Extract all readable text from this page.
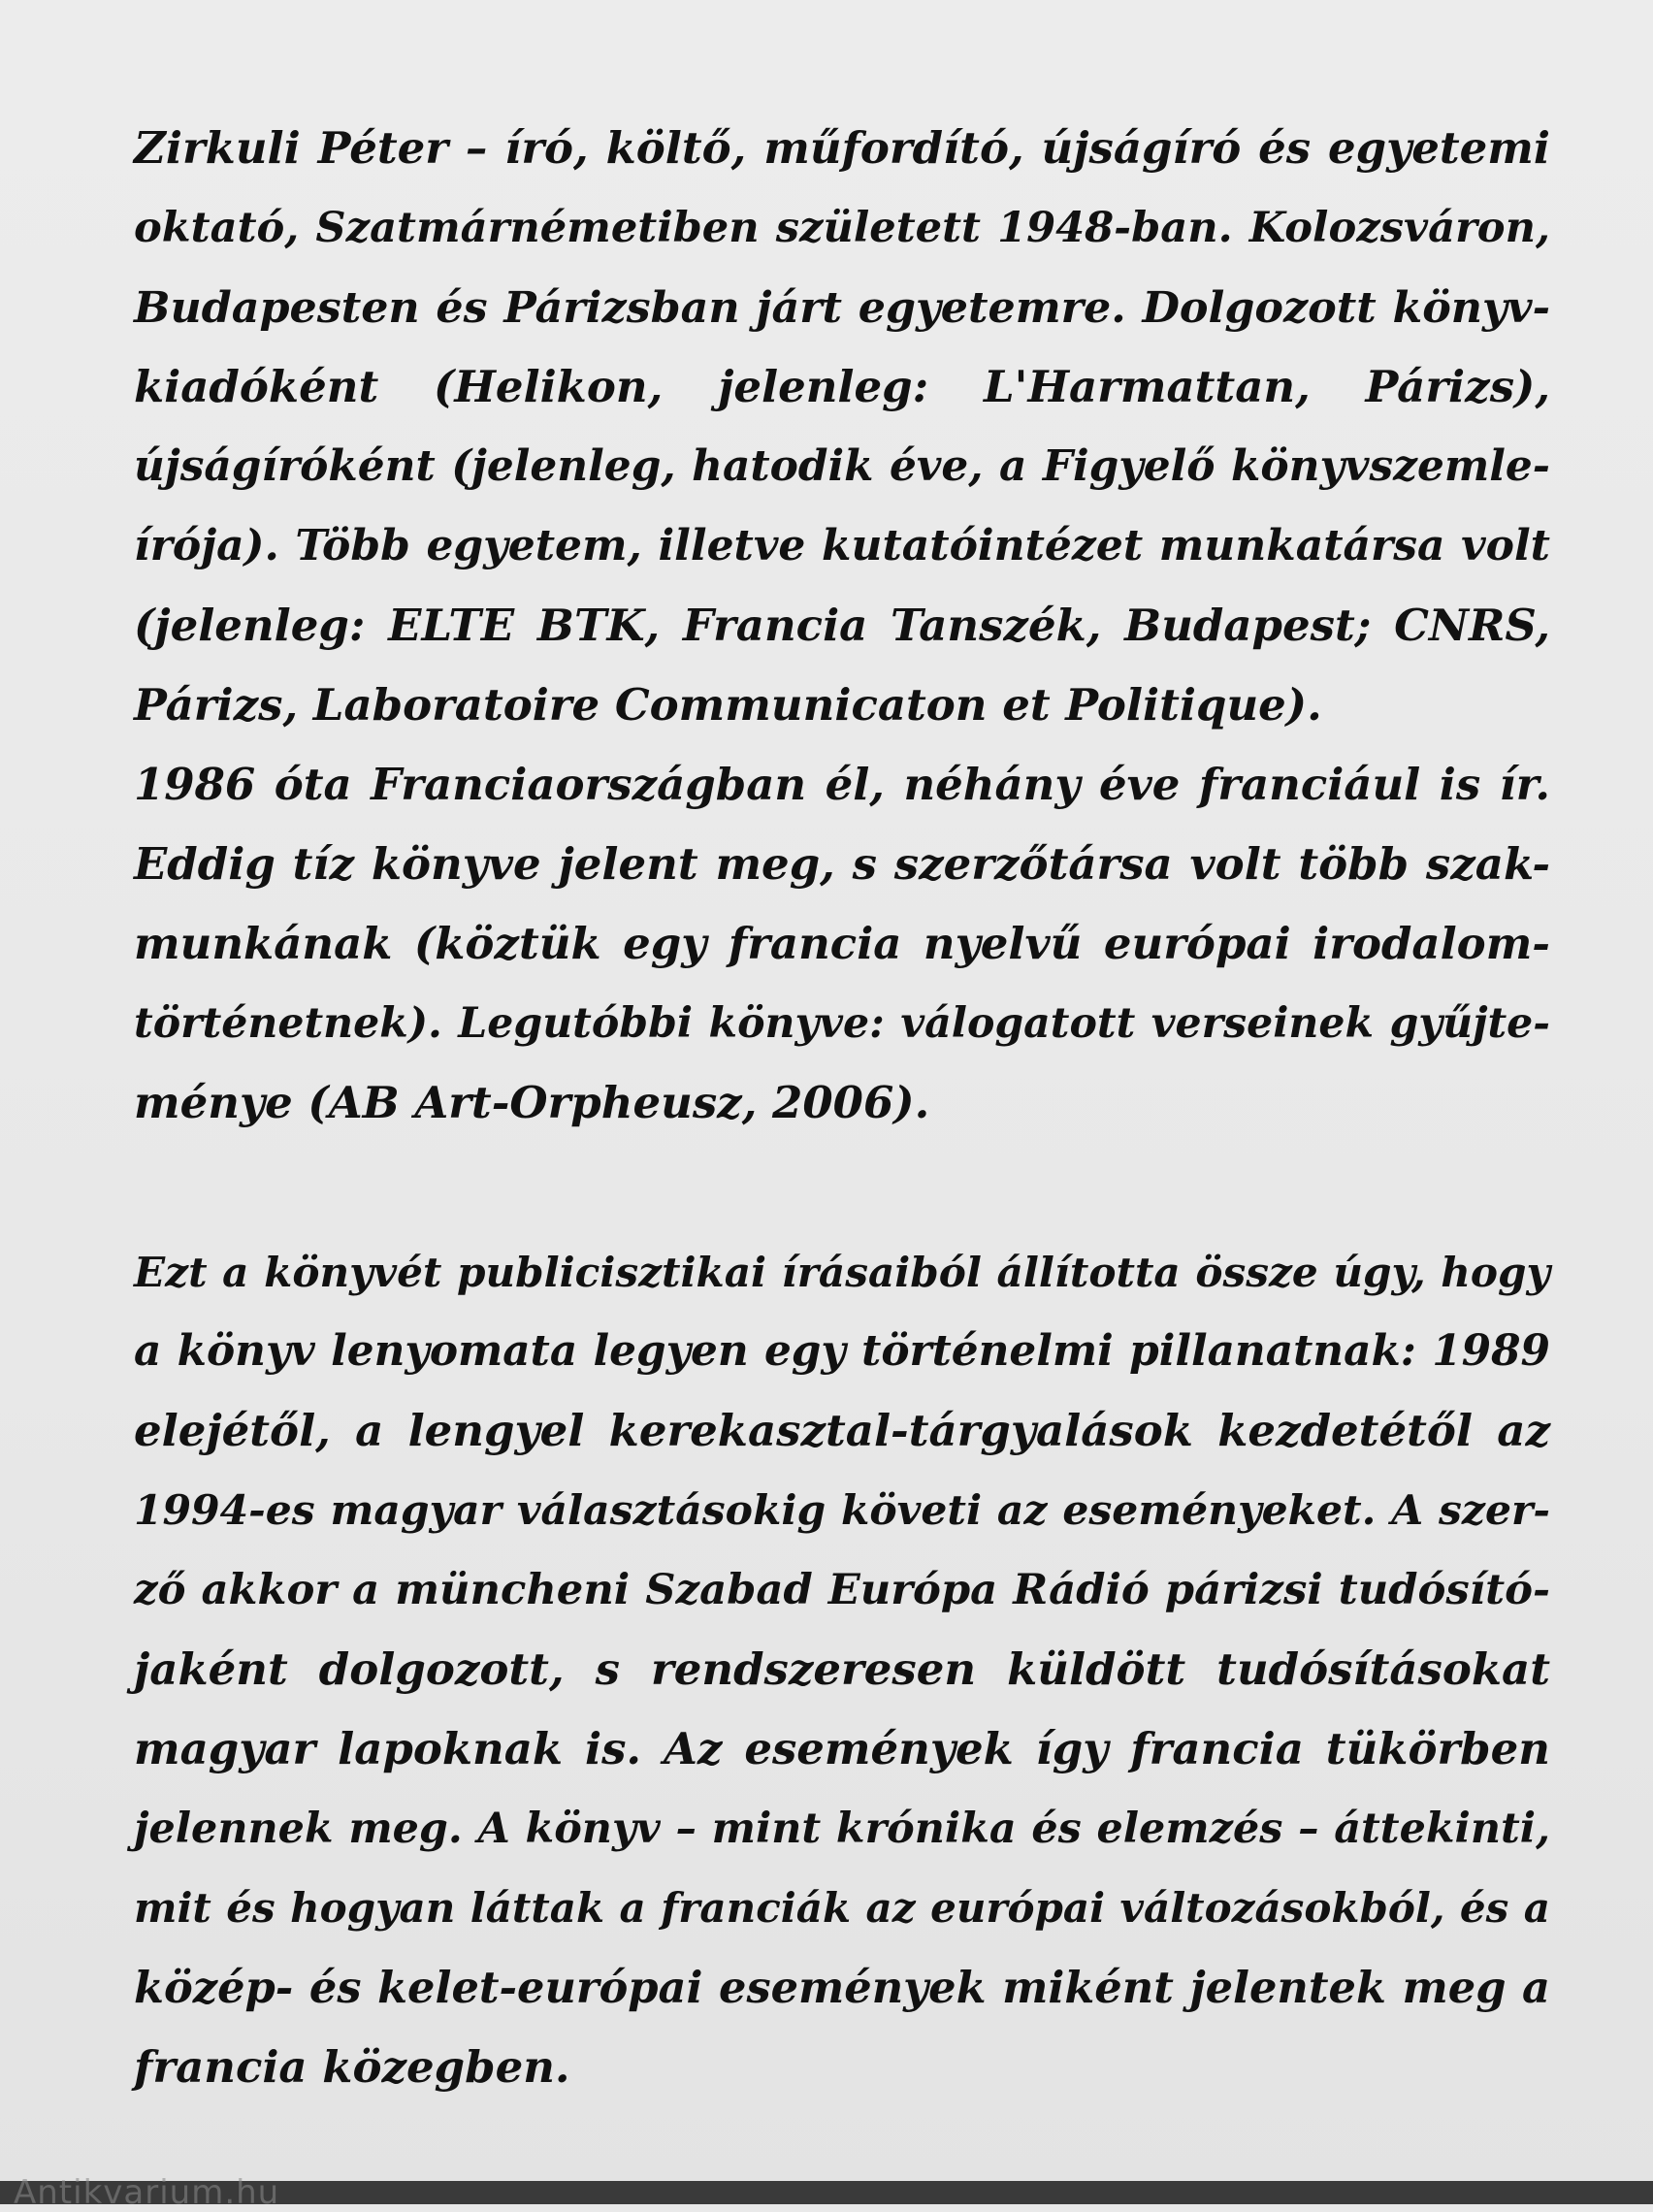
Zirkuli Péter – író, költő, műfordító, újságíró és egyetemi
oktató, Szatmárnémetiben született 1948-ban. Kolozsváron,
Budapesten és Párizsban járt egyetemre. Dolgozott könyv-
kiadóként (Helikon, jelenleg: L'Harmattan, Párizs),
újságíróként (jelenleg, hatodik éve, a Figyelő könyvszemle-
írója). Több egyetem, illetve kutatóintézet munkatársa volt
(jelenleg: ELTE BTK, Francia Tanszék, Budapest; CNRS,
Párizs, Laboratoire Communicaton et Politique).
1986 óta Franciaországban él, néhány éve franciául is ír.
Eddig tíz könyve jelent meg, s szerzőtársa volt több szak-
munkának (köztük egy francia nyelvű európai irodalom-
történetnek). Legutóbbi könyve: válogatott verseinek gyűjte-
ménye (AB Art-Orpheusz, 2006).
Ezt a könyvét publicisztikai írásaiból állította össze úgy, hogy
a könyv lenyomata legyen egy történelmi pillanatnak: 1989
elejétől, a lengyel kerekasztal-tárgyalások kezdetétől az
1994-es magyar választásokig követi az eseményeket. A szer-
ző akkor a müncheni Szabad Európa Rádió párizsi tudósító-
jaként dolgozott, s rendszeresen küldött tudósításokat
magyar lapoknak is. Az események így francia tükörben
jelennek meg. A könyv – mint krónika és elemzés – áttekinti,
mit és hogyan láttak a franciák az európai változásokból, és a
közép- és kelet-európai események miként jelentek meg a
francia közegben.
Antikvarium.hu
